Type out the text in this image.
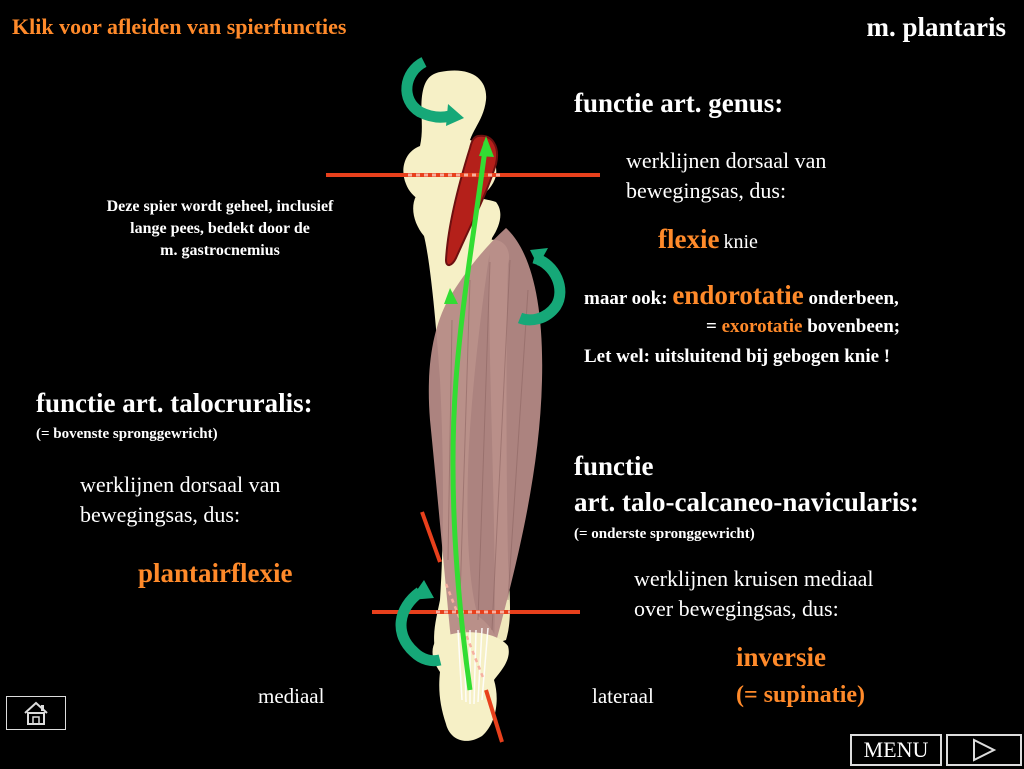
Klik voor afleiden van spierfuncties	m. plantaris
Deze spier wordt geheel, inclusief
lange pees, bedekt door de
m. gastrocnemius
functie art. genus:
werklijnen dorsaal van
bewegingsas, dus:
flexie knie
maar ook: endorotatie onderbeen,
= exorotatie bovenbeen;
Let wel: uitsluitend bij gebogen knie !
functie art. talocruralis:
(= bovenste spronggewricht)
werklijnen dorsaal van
bewegingsas, dus:
plantairflexie
functie
art. talo-calcaneo-navicularis:
(= onderste spronggewricht)
werklijnen kruisen mediaal
over bewegingsas, dus:
inversie
(= supinatie)
mediaal	lateraal
MENU
